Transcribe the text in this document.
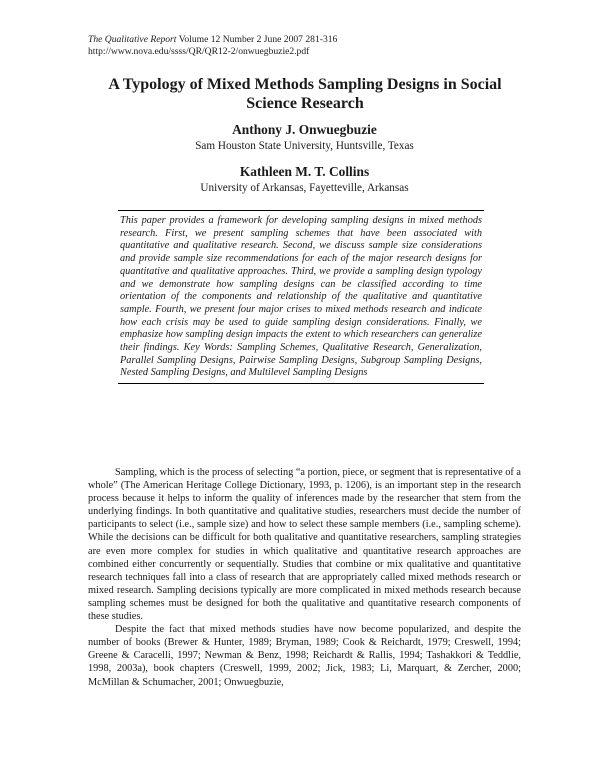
The Qualitative Report Volume 12 Number 2 June 2007 281-316
http://www.nova.edu/ssss/QR/QR12-2/onwuegbuzie2.pdf
A Typology of Mixed Methods Sampling Designs in Social Science Research
Anthony J. Onwuegbuzie
Sam Houston State University, Huntsville, Texas
Kathleen M. T. Collins
University of Arkansas, Fayetteville, Arkansas

This paper provides a framework for developing sampling designs in mixed methods research. First, we present sampling schemes that have been associated with quantitative and qualitative research. Second, we discuss sample size considerations and provide sample size recommendations for each of the major research designs for quantitative and qualitative approaches. Third, we provide a sampling design typology and we demonstrate how sampling designs can be classified according to time orientation of the components and relationship of the qualitative and quantitative sample. Fourth, we present four major crises to mixed methods research and indicate how each crisis may be used to guide sampling design considerations. Finally, we emphasize how sampling design impacts the extent to which researchers can generalize their findings. Key Words: Sampling Schemes, Qualitative Research, Generalization, Parallel Sampling Designs, Pairwise Sampling Designs, Subgroup Sampling Designs, Nested Sampling Designs, and Multilevel Sampling Designs

Sampling, which is the process of selecting “a portion, piece, or segment that is representative of a whole” (The American Heritage College Dictionary, 1993, p. 1206), is an important step in the research process because it helps to inform the quality of inferences made by the researcher that stem from the underlying findings. In both quantitative and qualitative studies, researchers must decide the number of participants to select (i.e., sample size) and how to select these sample members (i.e., sampling scheme). While the decisions can be difficult for both qualitative and quantitative researchers, sampling strategies are even more complex for studies in which qualitative and quantitative research approaches are combined either concurrently or sequentially. Studies that combine or mix qualitative and quantitative research techniques fall into a class of research that are appropriately called mixed methods research or mixed research. Sampling decisions typically are more complicated in mixed methods research because sampling schemes must be designed for both the qualitative and quantitative research components of these studies.

Despite the fact that mixed methods studies have now become popularized, and despite the number of books (Brewer & Hunter, 1989; Bryman, 1989; Cook & Reichardt, 1979; Creswell, 1994; Greene & Caracelli, 1997; Newman & Benz, 1998; Reichardt & Rallis, 1994; Tashakkori & Teddlie, 1998, 2003a), book chapters (Creswell, 1999, 2002; Jick, 1983; Li, Marquart, & Zercher, 2000; McMillan & Schumacher, 2001; Onwuegbuzie,
